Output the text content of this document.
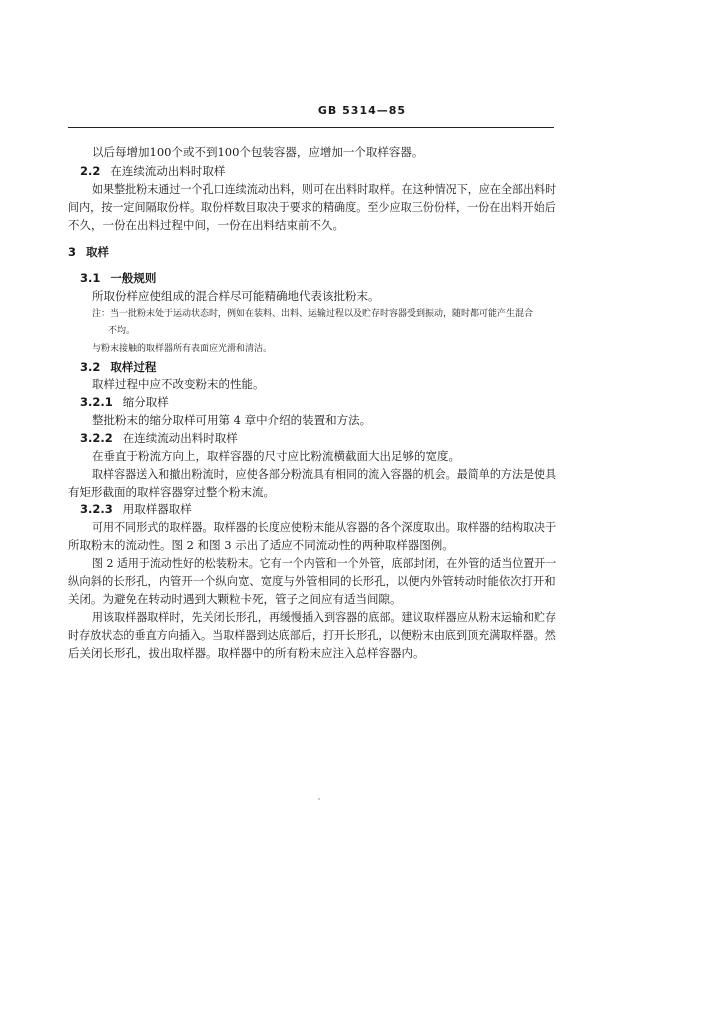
GB 5314—85
以后每增加100个或不到100个包装容器，应增加一个取样容器。
2.2 在连续流动出料时取样
如果整批粉末通过一个孔口连续流动出料，则可在出料时取样。在这种情况下，应在全部出料时
间内，按一定间隔取份样。取份样数目取决于要求的精确度。至少应取三份份样，一份在出料开始后
不久，一份在出料过程中间，一份在出料结束前不久。
3 取样
3.1 一般规则
所取份样应使组成的混合样尽可能精确地代表该批粉末。
注：当一批粉末处于运动状态时，例如在装料、出料、运输过程以及贮存时容器受到振动，随时都可能产生混合
不均。
与粉末接触的取样器所有表面应光滑和清洁。
3.2 取样过程
取样过程中应不改变粉末的性能。
3.2.1 缩分取样
整批粉末的缩分取样可用第 4 章中介绍的装置和方法。
3.2.2 在连续流动出料时取样
在垂直于粉流方向上，取样容器的尺寸应比粉流横截面大出足够的宽度。
取样容器送入和撤出粉流时，应使各部分粉流具有相同的流入容器的机会。最简单的方法是使具
有矩形截面的取样容器穿过整个粉末流。
3.2.3 用取样器取样
可用不同形式的取样器。取样器的长度应使粉末能从容器的各个深度取出。取样器的结构取决于
所取粉末的流动性。图 2 和图 3 示出了适应不同流动性的两种取样器图例。
图 2 适用于流动性好的松装粉末。它有一个内管和一个外管，底部封闭，在外管的适当位置开一
纵向斜的长形孔，内管开一个纵向宽、宽度与外管相同的长形孔，以便内外管转动时能依次打开和
关闭。为避免在转动时遇到大颗粒卡死，管子之间应有适当间隙。
用该取样器取样时，先关闭长形孔，再缓慢插入到容器的底部。建议取样器应从粉末运输和贮存
时存放状态的垂直方向插入。当取样器到达底部后，打开长形孔，以便粉末由底到顶充满取样器。然
后关闭长形孔，拔出取样器。取样器中的所有粉末应注入总样容器内。
